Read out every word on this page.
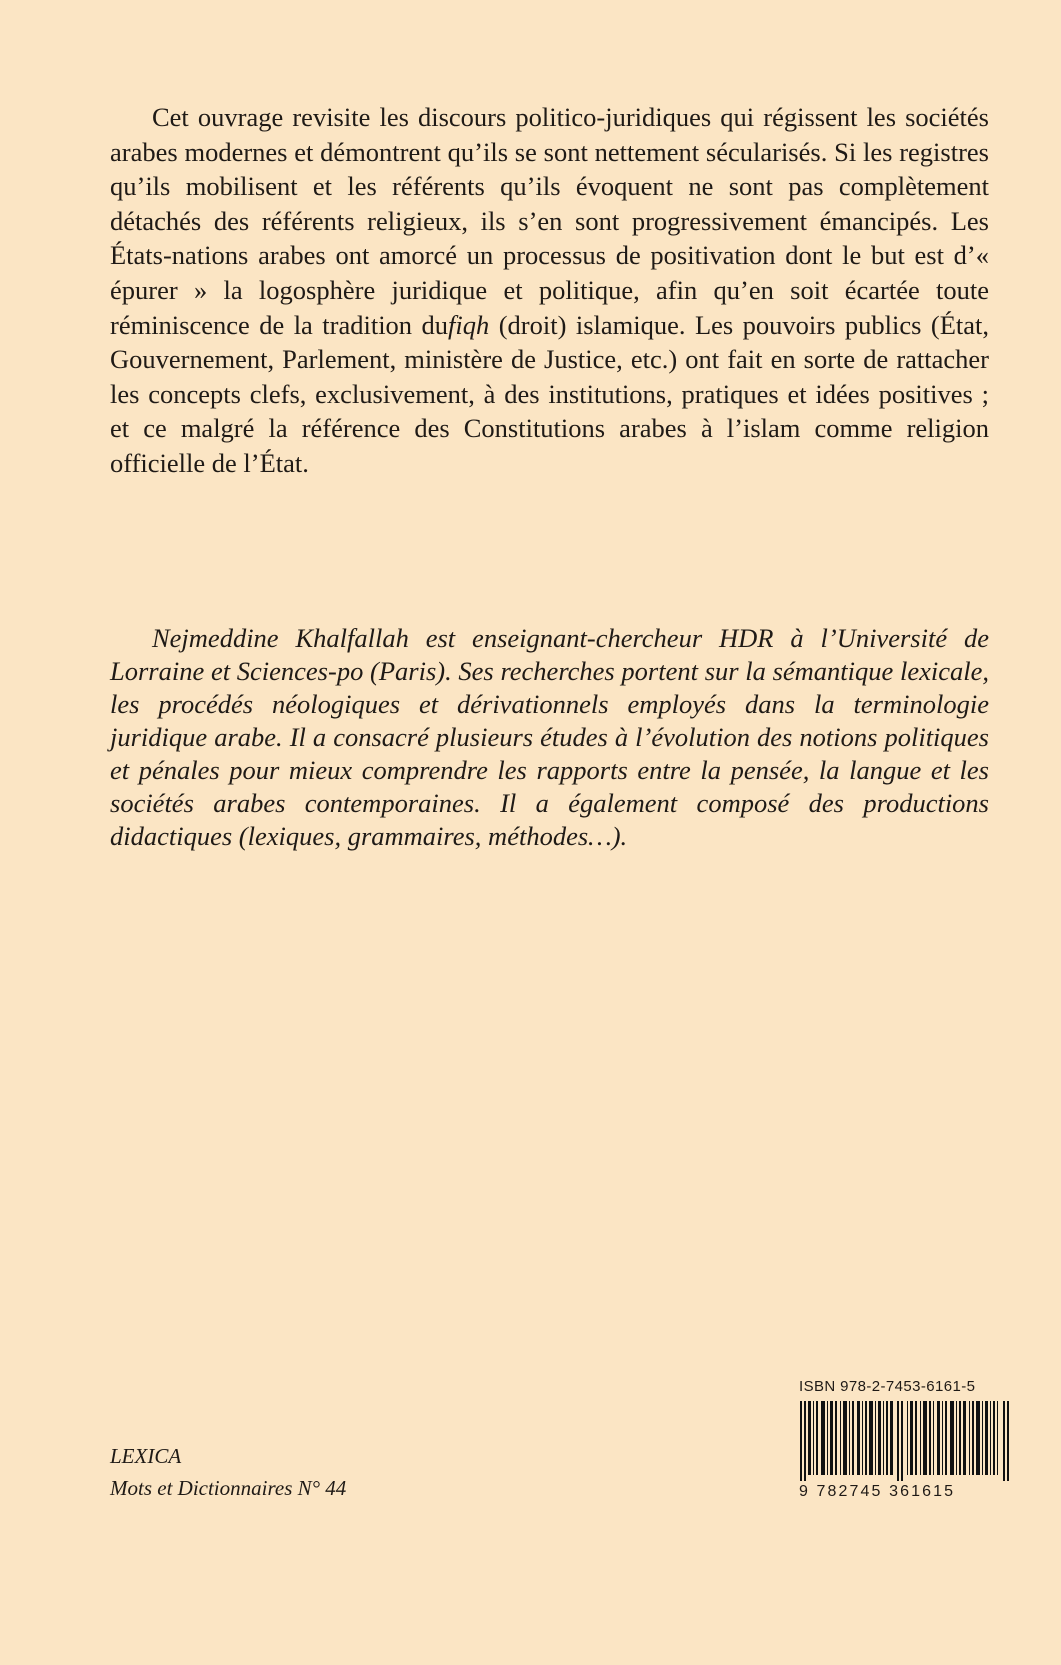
Cet ouvrage revisite les discours politico-juridiques qui régissent les sociétés arabes modernes et démontrent qu’ils se sont nettement sécularisés. Si les registres qu’ils mobilisent et les référents qu’ils évoquent ne sont pas complètement détachés des référents religieux, ils s’en sont progressivement émancipés. Les États-nations arabes ont amorcé un processus de positivation dont le but est d’« épurer » la logosphère juridique et politique, afin qu’en soit écartée toute réminiscence de la tradition dufiqh (droit) islamique. Les pouvoirs publics (État, Gouvernement, Parlement, ministère de Justice, etc.) ont fait en sorte de rattacher les concepts clefs, exclusivement, à des institutions, pratiques et idées positives ; et ce malgré la référence des Constitutions arabes à l’islam comme religion officielle de l’État.

Nejmeddine Khalfallah est enseignant-chercheur HDR à l’Université de Lorraine et Sciences-po (Paris). Ses recherches portent sur la sémantique lexicale, les procédés néologiques et dérivationnels employés dans la terminologie juridique arabe. Il a consacré plusieurs études à l’évolution des notions politiques et pénales pour mieux comprendre les rapports entre la pensée, la langue et les sociétés arabes contemporaines. Il a également composé des productions didactiques (lexiques, grammaires, méthodes…).

LEXICA
Mots et Dictionnaires N° 44
ISBN 978-2-7453-6161-5
9 782745 361615
